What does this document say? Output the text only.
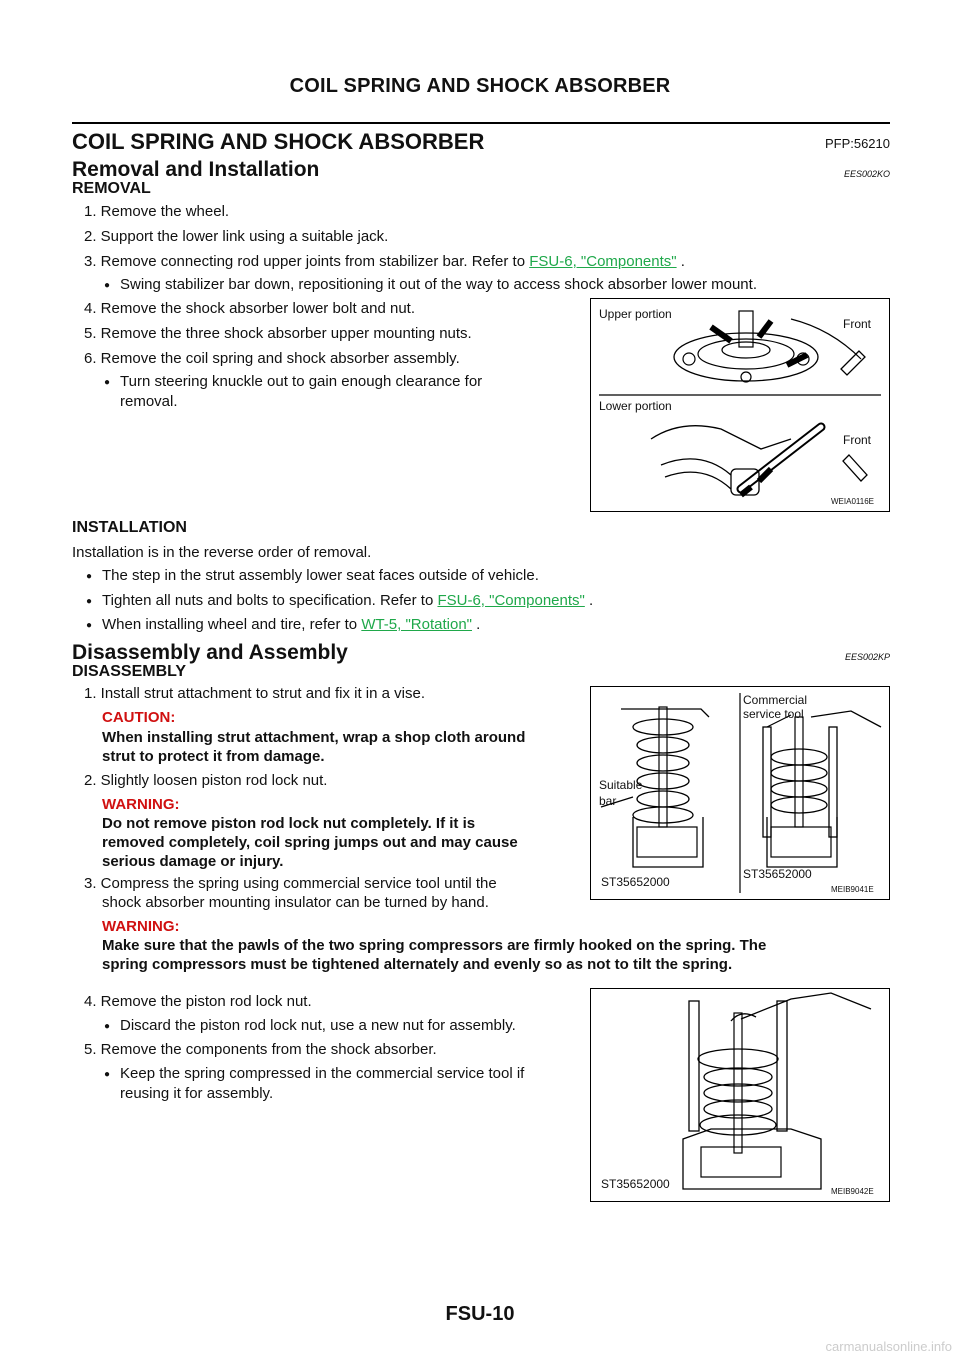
COIL SPRING AND SHOCK ABSORBER
COIL SPRING AND SHOCK ABSORBER	PFP:56210
Removal and Installation	EES002KO
REMOVAL
1. Remove the wheel.
2. Support the lower link using a suitable jack.
3. Remove connecting rod upper joints from stabilizer bar. Refer to FSU-6, "Components" .
● Swing stabilizer bar down, repositioning it out of the way to access shock absorber lower mount.
4. Remove the shock absorber lower bolt and nut.
5. Remove the three shock absorber upper mounting nuts.
6. Remove the coil spring and shock absorber assembly.
● Turn steering knuckle out to gain enough clearance for
removal.
Upper portion
Lower portion
Front
Front
WEIA0116E
INSTALLATION
Installation is in the reverse order of removal.
● The step in the strut assembly lower seat faces outside of vehicle.
● Tighten all nuts and bolts to specification. Refer to FSU-6, "Components" .
● When installing wheel and tire, refer to WT-5, "Rotation" .
Disassembly and Assembly	EES002KP
DISASSEMBLY
1. Install strut attachment to strut and fix it in a vise.
CAUTION:
When installing strut attachment, wrap a shop cloth around
strut to protect it from damage.
2. Slightly loosen piston rod lock nut.
WARNING:
Do not remove piston rod lock nut completely. If it is
removed completely, coil spring jumps out and may cause
serious damage or injury.
3. Compress the spring using commercial service tool until the
shock absorber mounting insulator can be turned by hand.
WARNING:
Make sure that the pawls of the two spring compressors are firmly hooked on the spring. The
spring compressors must be tightened alternately and evenly so as not to tilt the spring.
Commercial
service tool
Suitable
bar
ST35652000
ST35652000
MEIB9041E
4. Remove the piston rod lock nut.
● Discard the piston rod lock nut, use a new nut for assembly.
5. Remove the components from the shock absorber.
● Keep the spring compressed in the commercial service tool if
reusing it for assembly.
ST35652000
MEIB9042E
FSU-10
carmanualsonline.info
